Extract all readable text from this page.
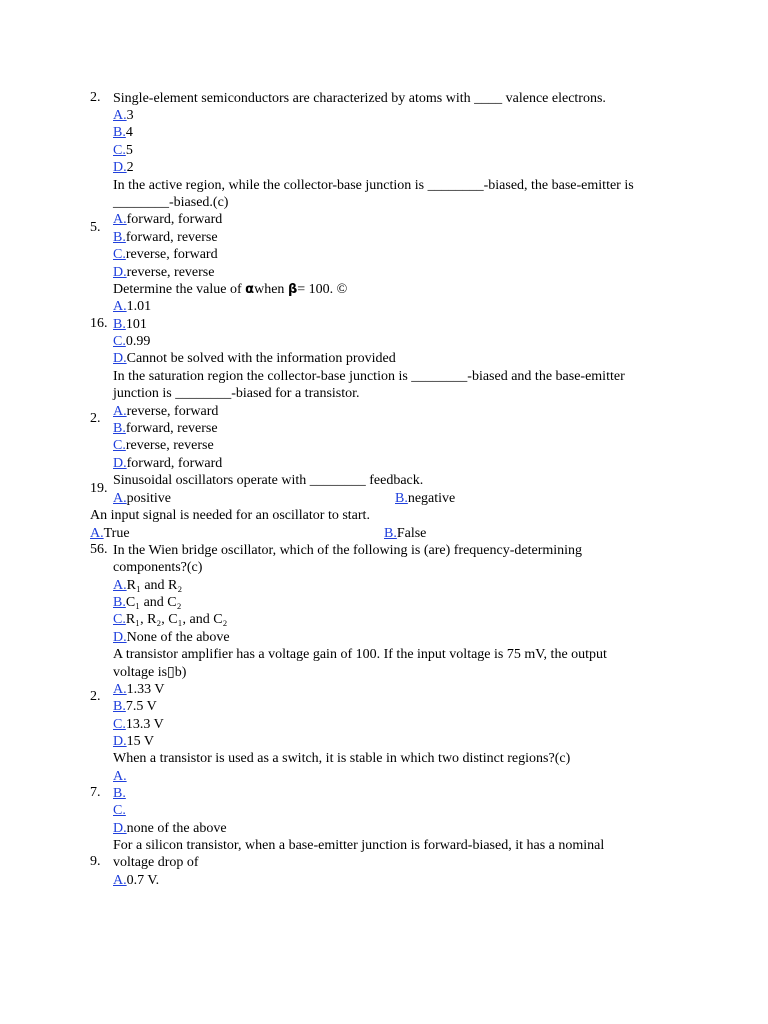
2. Single-element semiconductors are characterized by atoms with ____ valence electrons.
A.3
B.4
C.5
D.2
5.
In the active region, while the collector-base junction is ________-biased, the base-emitter is
________-biased.(c)
A.forward, forward
B.forward, reverse
C.reverse, forward
D.reverse, reverse
16.
Determine the value of αwhen β= 100. ©
A.1.01
B.101
C.0.99
D.Cannot be solved with the information provided
2.
In the saturation region the collector-base junction is ________-biased and the base-emitter
junction is ________-biased for a transistor.
A.reverse, forward
B.forward, reverse
C.reverse, reverse
D.forward, forward
19.
Sinusoidal oscillators operate with ________ feedback.
A.positive	B.negative
An input signal is needed for an oscillator to start.
A.True	B.False
56. In the Wien bridge oscillator, which of the following is (are) frequency-determining
components?(c)
A.R₁ and R₂
B.C₁ and C₂
C.R₁, R₂, C₁, and C₂
D.None of the above
2.
A transistor amplifier has a voltage gain of 100. If the input voltage is 75 mV, the output
voltage is▯b)
A.1.33 V
B.7.5 V
C.13.3 V
D.15 V
7.
When a transistor is used as a switch, it is stable in which two distinct regions?(c)
A.
B.
C.
D.none of the above
9.
For a silicon transistor, when a base-emitter junction is forward-biased, it has a nominal
voltage drop of
A.0.7 V.
